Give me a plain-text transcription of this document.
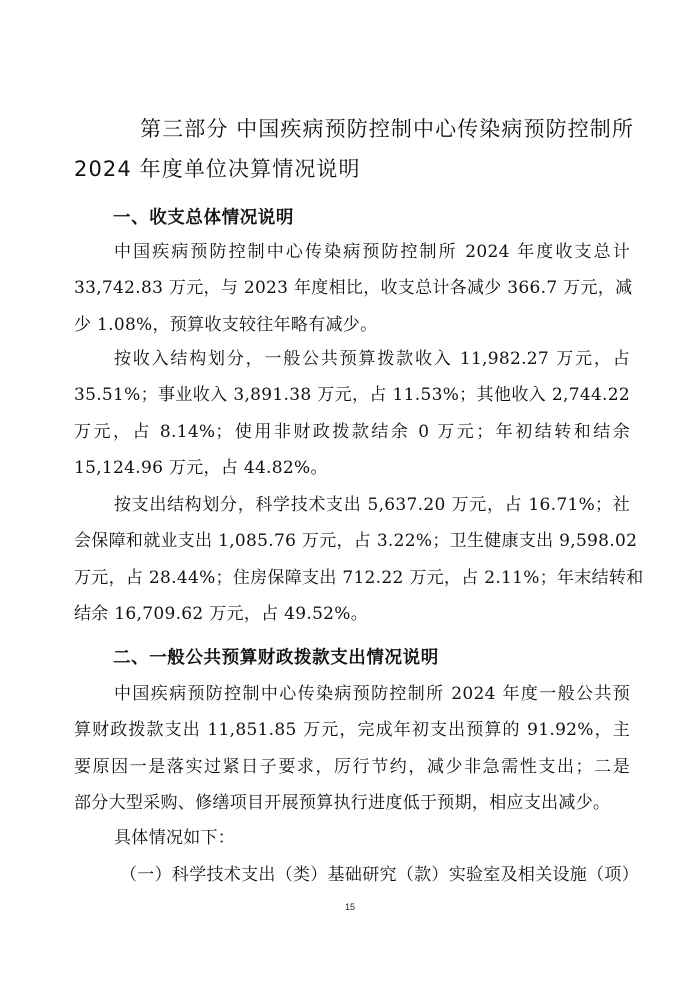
第三部分 中国疾病预防控制中心传染病预防控制所
2024 年度单位决算情况说明
一、收支总体情况说明
中国疾病预防控制中心传染病预防控制所 2024 年度收支总计
33,742.83 万元，与 2023 年度相比，收支总计各减少 366.7 万元，减
少 1.08%，预算收支较往年略有减少。
按收入结构划分，一般公共预算拨款收入 11,982.27 万元，占
35.51%；事业收入 3,891.38 万元，占 11.53%；其他收入 2,744.22
万元，占 8.14%；使用非财政拨款结余 0 万元；年初结转和结余
15,124.96 万元，占 44.82%。
按支出结构划分，科学技术支出 5,637.20 万元，占 16.71%；社
会保障和就业支出 1,085.76 万元，占 3.22%；卫生健康支出 9,598.02
万元，占 28.44%；住房保障支出 712.22 万元，占 2.11%；年末结转和
结余 16,709.62 万元，占 49.52%。
二、一般公共预算财政拨款支出情况说明
中国疾病预防控制中心传染病预防控制所 2024 年度一般公共预
算财政拨款支出 11,851.85 万元，完成年初支出预算的 91.92%，主
要原因一是落实过紧日子要求，厉行节约，减少非急需性支出；二是
部分大型采购、修缮项目开展预算执行进度低于预期，相应支出减少。
具体情况如下：
（一）科学技术支出（类）基础研究（款）实验室及相关设施（项）
15
